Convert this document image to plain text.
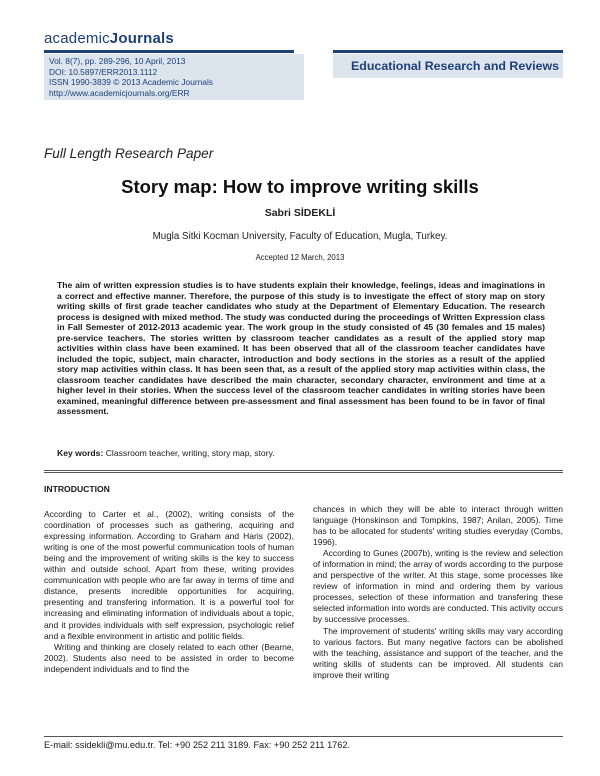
academicJournals
Vol. 8(7), pp. 289-296, 10 April, 2013
DOI: 10.5897/ERR2013.1112
ISSN 1990-3839 © 2013 Academic Journals
http://www.academicjournals.org/ERR
Educational Research and Reviews
Full Length Research Paper
Story map: How to improve writing skills
Sabri SİDEKLİ
Mugla Sitki Kocman University, Faculty of Education, Mugla, Turkey.
Accepted 12 March, 2013
The aim of written expression studies is to have students explain their knowledge, feelings, ideas and imaginations in a correct and effective manner. Therefore, the purpose of this study is to investigate the effect of story map on story writing skills of first grade teacher candidates who study at the Department of Elementary Education. The research process is designed with mixed method. The study was conducted during the proceedings of Written Expression class in Fall Semester of 2012-2013 academic year. The work group in the study consisted of 45 (30 females and 15 males) pre-service teachers. The stories written by classroom teacher candidates as a result of the applied story map activities within class have been examined. It has been observed that all of the classroom teacher candidates have included the topic, subject, main character, introduction and body sections in the stories as a result of the applied story map activities within class. It has been seen that, as a result of the applied story map activities within class, the classroom teacher candidates have described the main character, secondary character, environment and time at a higher level in their stories. When the success level of the classroom teacher candidates in writing stories have been examined, meaningful difference between pre-assessment and final assessment has been found to be in favor of final assessment.
Key words: Classroom teacher, writing, story map, story.
INTRODUCTION
According to Carter et al., (2002), writing consists of the coordination of processes such as gathering, acquiring and expressing information. According to Graham and Haris (2002), writing is one of the most powerful communication tools of human being and the improvement of writing skills is the key to success within and outside school. Apart from these, writing provides communication with people who are far away in terms of time and distance, presents incredible opportunities for acquiring, presenting and transfering information. It is a powerful tool for increasing and eliminating information of individuals about a topic, and it provides individuals with self expression, psychologic relief and a flexible environment in artistic and politic fields.
Writing and thinking are closely related to each other (Bearne, 2002). Students also need to be assisted in order to become independent individuals and to find the
chances in which they will be able to interact through written language (Honskinson and Tompkins, 1987; Anilan, 2005). Time has to be allocated for students' writing studies everyday (Combs, 1996).
According to Gunes (2007b), writing is the review and selection of information in mind; the array of words according to the purpose and perspective of the writer. At this stage, some processes like review of information in mind and ordering them by various processes, selection of these information and transfering these selected information into words are conducted. This activity occurs by successive processes.
The improvement of students' writing skills may vary according to various factors. But many negative factors can be abolished with the teaching, assistance and support of the teacher, and the writing skills of students can be improved. All students can improve their writing
E-mail: ssidekli@mu.edu.tr. Tel: +90 252 211 3189. Fax: +90 252 211 1762.
